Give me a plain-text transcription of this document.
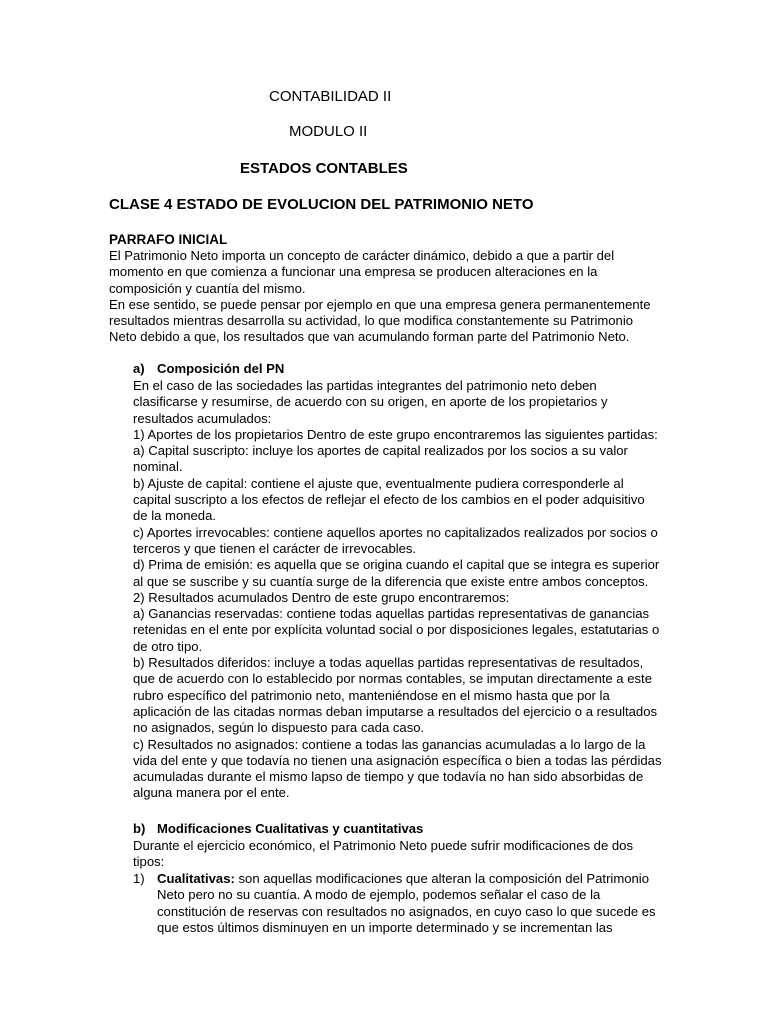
CONTABILIDAD II
MODULO II
ESTADOS CONTABLES
CLASE 4 ESTADO DE EVOLUCION DEL PATRIMONIO NETO
PARRAFO INICIAL
El Patrimonio Neto importa un concepto de carácter dinámico, debido a que a partir del
momento en que comienza a funcionar una empresa se producen alteraciones en la
composición y cuantía del mismo.
En ese sentido, se puede pensar por ejemplo en que una empresa genera permanentemente
resultados mientras desarrolla su actividad, lo que modifica constantemente su Patrimonio
Neto debido a que, los resultados que van acumulando forman parte del Patrimonio Neto.
a) Composición del PN
En el caso de las sociedades las partidas integrantes del patrimonio neto deben
clasificarse y resumirse, de acuerdo con su origen, en aporte de los propietarios y
resultados acumulados:
1) Aportes de los propietarios Dentro de este grupo encontraremos las siguientes partidas:
a) Capital suscripto: incluye los aportes de capital realizados por los socios a su valor
nominal.
b) Ajuste de capital: contiene el ajuste que, eventualmente pudiera corresponderle al
capital suscripto a los efectos de reflejar el efecto de los cambios en el poder adquisitivo
de la moneda.
c) Aportes irrevocables: contiene aquellos aportes no capitalizados realizados por socios o
terceros y que tienen el carácter de irrevocables.
d) Prima de emisión: es aquella que se origina cuando el capital que se integra es superior
al que se suscribe y su cuantía surge de la diferencia que existe entre ambos conceptos.
2) Resultados acumulados Dentro de este grupo encontraremos:
a) Ganancias reservadas: contiene todas aquellas partidas representativas de ganancias
retenidas en el ente por explícita voluntad social o por disposiciones legales, estatutarias o
de otro tipo.
b) Resultados diferidos: incluye a todas aquellas partidas representativas de resultados,
que de acuerdo con lo establecido por normas contables, se imputan directamente a este
rubro específico del patrimonio neto, manteniéndose en el mismo hasta que por la
aplicación de las citadas normas deban imputarse a resultados del ejercicio o a resultados
no asignados, según lo dispuesto para cada caso.
c) Resultados no asignados: contiene a todas las ganancias acumuladas a lo largo de la
vida del ente y que todavía no tienen una asignación específica o bien a todas las pérdidas
acumuladas durante el mismo lapso de tiempo y que todavía no han sido absorbidas de
alguna manera por el ente.
b) Modificaciones Cualitativas y cuantitativas
Durante el ejercicio económico, el Patrimonio Neto puede sufrir modificaciones de dos
tipos:
1) Cualitativas: son aquellas modificaciones que alteran la composición del Patrimonio
Neto pero no su cuantía. A modo de ejemplo, podemos señalar el caso de la
constitución de reservas con resultados no asignados, en cuyo caso lo que sucede es
que estos últimos disminuyen en un importe determinado y se incrementan las
